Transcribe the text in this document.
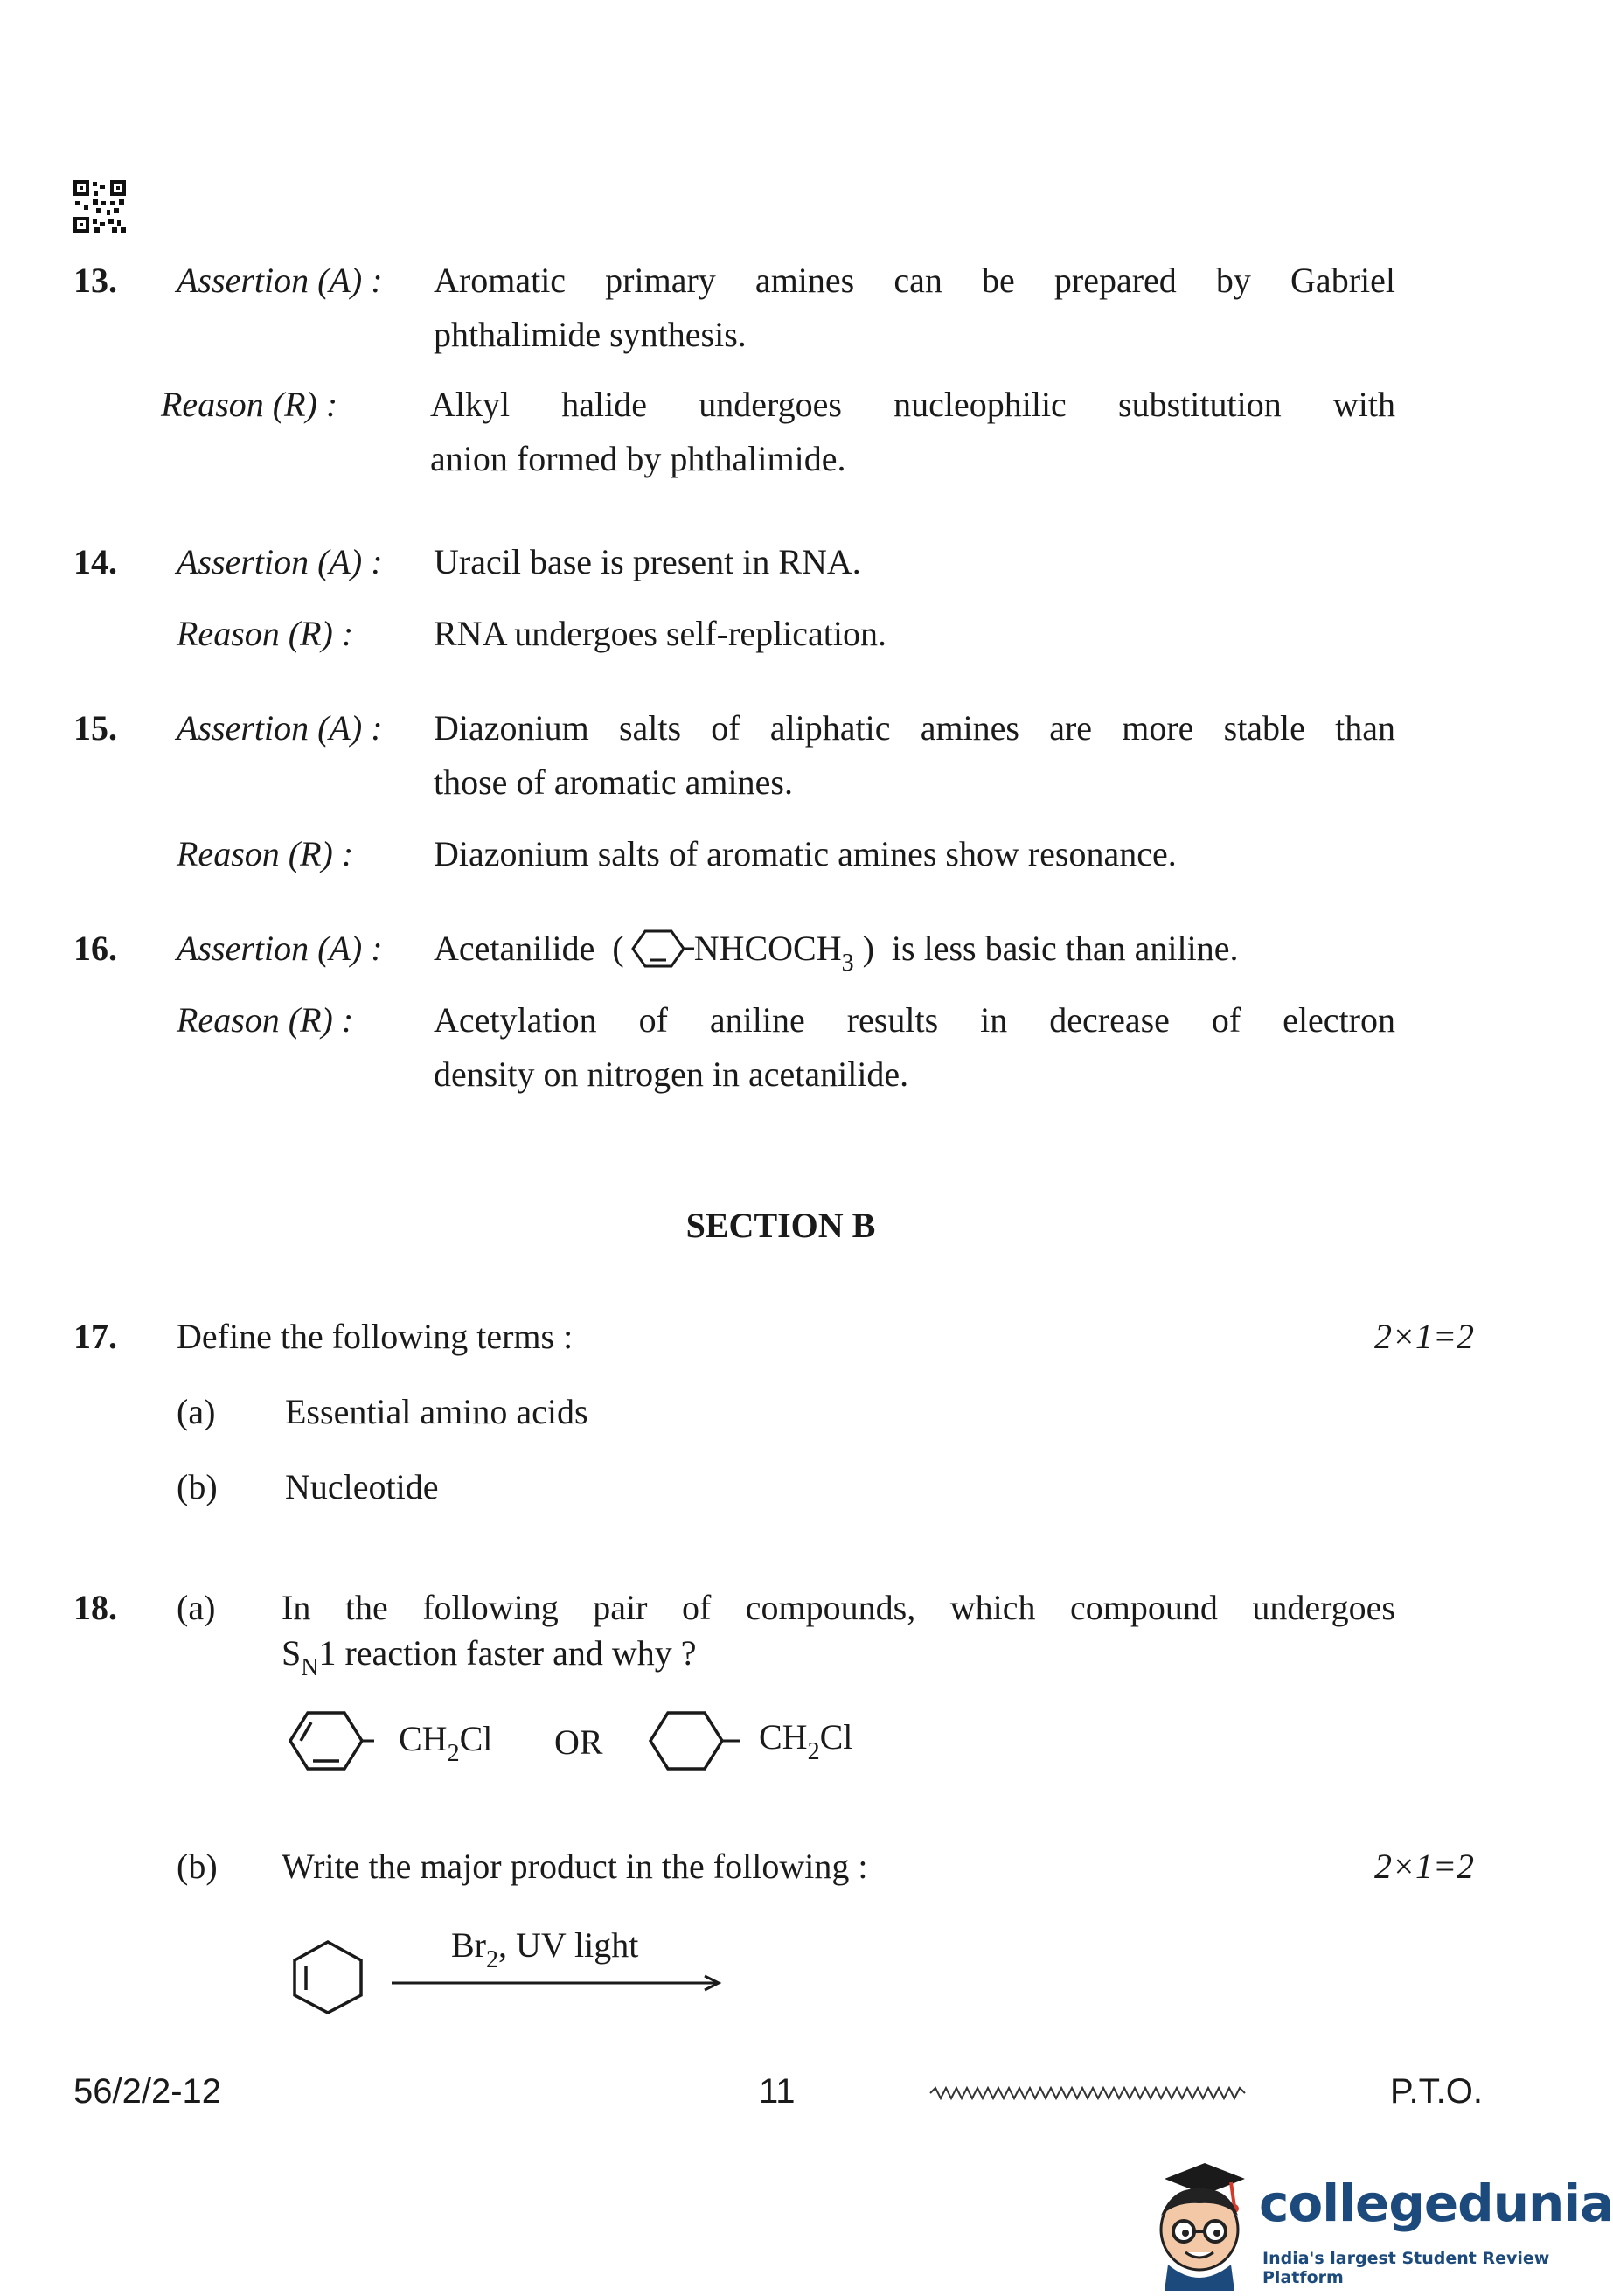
13. Assertion (A) : Aromatic primary amines can be prepared by Gabriel
phthalimide synthesis.
Reason (R) :	Alkyl halide undergoes nucleophilic substitution with
anion formed by phthalimide.
14. Assertion (A) : Uracil base is present in RNA.
Reason (R) : RNA undergoes self-replication.
15. Assertion (A) : Diazonium salts of aliphatic amines are more stable than
those of aromatic amines.
Reason (R) : Diazonium salts of aromatic amines show resonance.
16. Assertion (A) : Acetanilide  ( $NHCOCH_3$ )  is less basic than aniline.
Reason (R) : Acetylation of aniline results in decrease of electron
density on nitrogen in acetanilide.
SECTION B
17. Define the following terms :	2×1=2
(a) Essential amino acids
(b) Nucleotide
18. (a) In the following pair of compounds, which compound undergoes
$S_N1$ reaction faster and why ?
$CH_2Cl$ OR	$CH_2Cl$
(b) Write the major product in the following :	2×1=2
$Br_2$, UV light
56/2/2-12	11	P.T.O.
collegedunia
India's largest Student Review Platform
